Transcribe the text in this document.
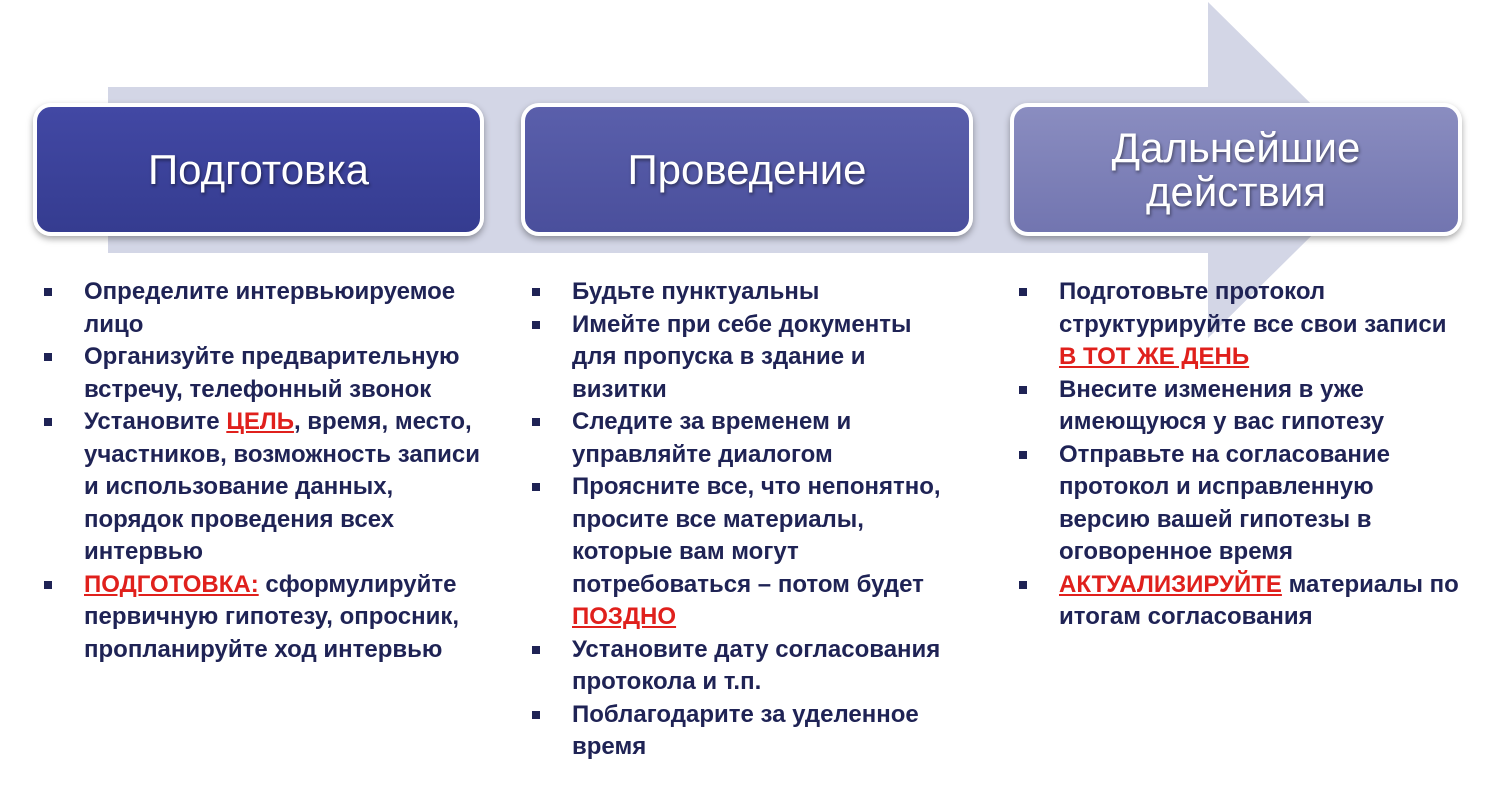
Подготовка	Проведение	Дальнейшие действия
Определите интервьюируемое лицо
Организуйте предварительную встречу, телефонный звонок
Установите ЦЕЛЬ, время, место, участников, возможность записи и использование данных, порядок проведения всех интервью
ПОДГОТОВКА: сформулируйте первичную гипотезу, опросник, пропланируйте ход интервью
Будьте пунктуальны
Имейте при себе документы для пропуска в здание и визитки
Следите за временем и управляйте диалогом
Проясните все, что непонятно, просите все материалы, которые вам могут потребоваться – потом будет ПОЗДНО
Установите дату согласования протокола и т.п.
Поблагодарите за уделенное время
Подготовьте протокол структурируйте все свои записи В ТОТ ЖЕ ДЕНЬ
Внесите изменения в уже имеющуюся у вас гипотезу
Отправьте на согласование протокол и исправленную версию вашей гипотезы в оговоренное время
АКТУАЛИЗИРУЙТЕ материалы по итогам согласования
